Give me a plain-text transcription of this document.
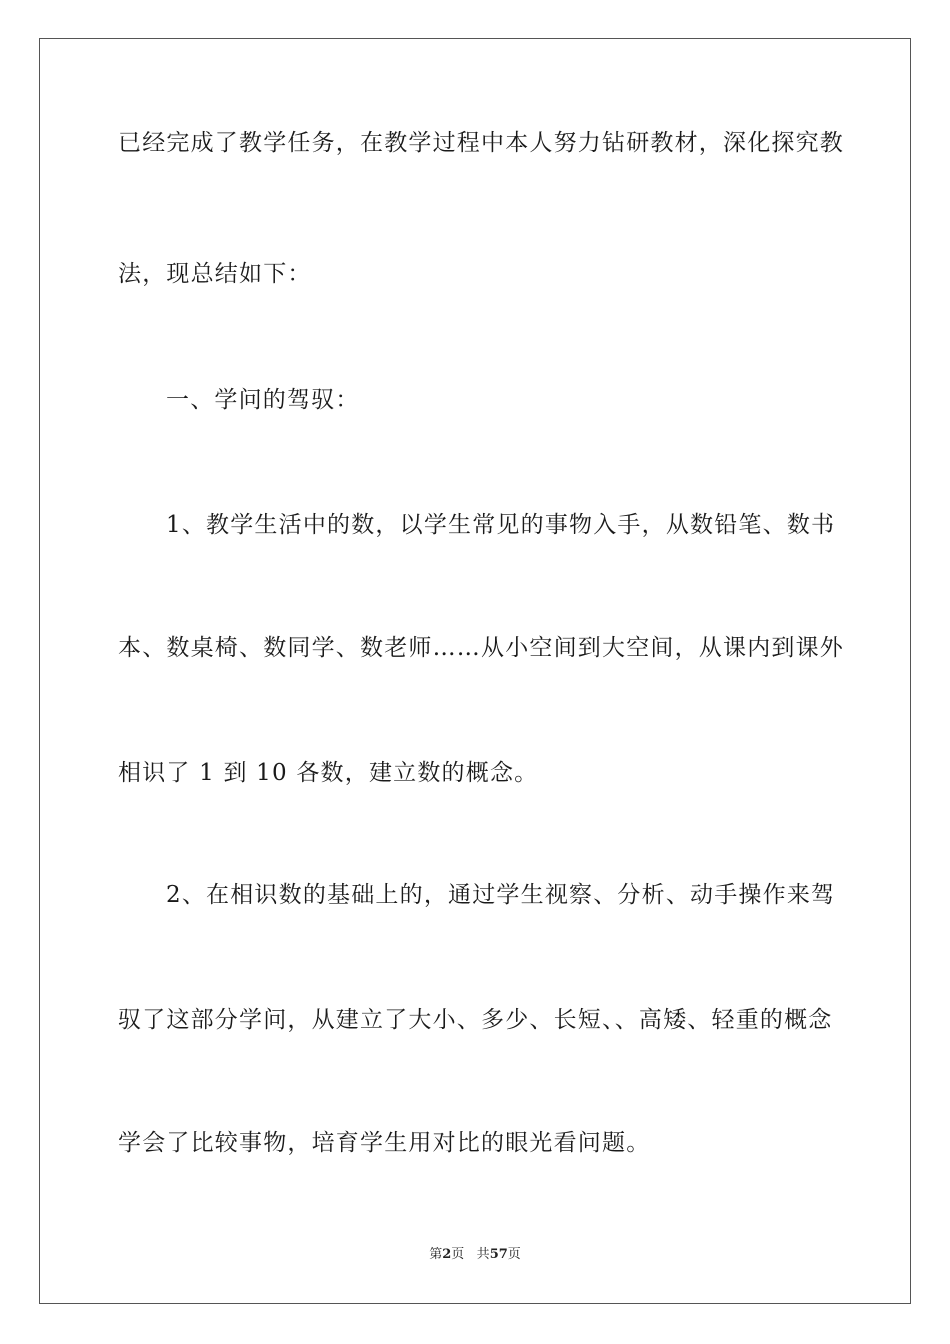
已经完成了教学任务，在教学过程中本人努力钻研教材，深化探究教
法，现总结如下：
一、学问的驾驭：
1、教学生活中的数，以学生常见的事物入手，从数铅笔、数书
本、数桌椅、数同学、数老师……从小空间到大空间，从课内到课外
相识了 1 到 10 各数，建立数的概念。
2、在相识数的基础上的，通过学生视察、分析、动手操作来驾
驭了这部分学问，从建立了大小、多少、长短、、高矮、轻重的概念
学会了比较事物，培育学生用对比的眼光看问题。
第2页 共57页
